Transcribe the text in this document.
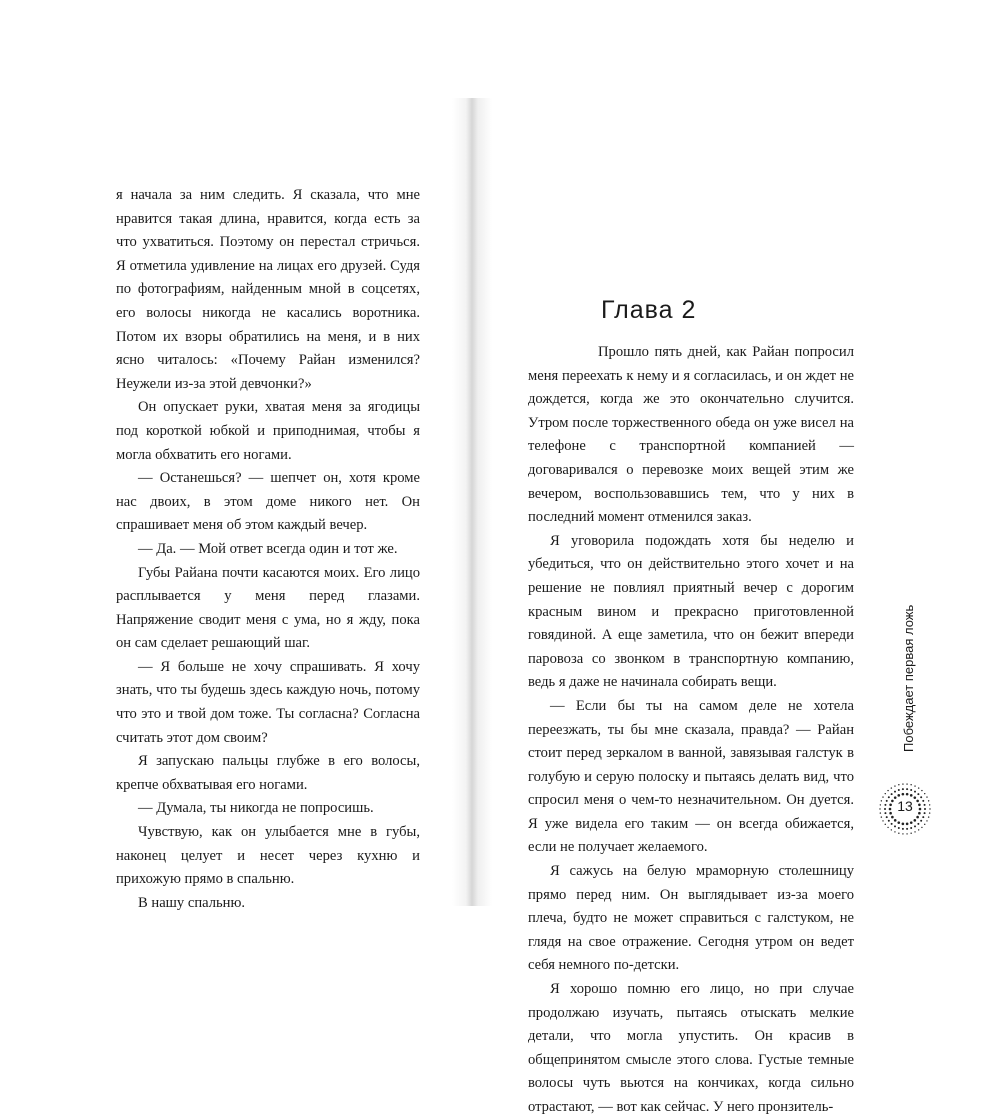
я начала за ним следить. Я сказала, что мне нравится такая длина, нравится, когда есть за что ухватиться. Поэтому он перестал стричься. Я отметила удивление на лицах его друзей. Судя по фотографиям, найденным мной в соцсетях, его волосы никогда не касались воротника. Потом их взоры обратились на меня, и в них ясно читалось: «Почему Райан изменился? Неужели из-за этой девчонки?»

Он опускает руки, хватая меня за ягодицы под короткой юбкой и приподнимая, чтобы я могла обхватить его ногами.

— Останешься? — шепчет он, хотя кроме нас двоих, в этом доме никого нет. Он спрашивает меня об этом каждый вечер.

— Да. — Мой ответ всегда один и тот же.

Губы Райана почти касаются моих. Его лицо расплывается у меня перед глазами. Напряжение сводит меня с ума, но я жду, пока он сам сделает решающий шаг.

— Я больше не хочу спрашивать. Я хочу знать, что ты будешь здесь каждую ночь, потому что это и твой дом тоже. Ты согласна? Согласна считать этот дом своим?

Я запускаю пальцы глубже в его волосы, крепче обхватывая его ногами.

— Думала, ты никогда не попросишь.

Чувствую, как он улыбается мне в губы, наконец целует и несет через кухню и прихожую прямо в спальню.

В нашу спальню.

Глава 2

Прошло пять дней, как Райан попросил меня переехать к нему и я согласилась, и он ждет не дождется, когда же это окончательно случится. Утром после торжественного обеда он уже висел на телефоне с транспортной компанией — договаривался о перевозке моих вещей этим же вечером, воспользовавшись тем, что у них в последний момент отменился заказ.

Я уговорила подождать хотя бы неделю и убедиться, что он действительно этого хочет и на решение не повлиял приятный вечер с дорогим красным вином и прекрасно приготовленной говядиной. А еще заметила, что он бежит впереди паровоза со звонком в транспортную компанию, ведь я даже не начинала собирать вещи.

— Если бы ты на самом деле не хотела переезжать, ты бы мне сказала, правда? — Райан стоит перед зеркалом в ванной, завязывая галстук в голубую и серую полоску и пытаясь делать вид, что спросил меня о чем-то незначительном. Он дуется. Я уже видела его таким — он всегда обижается, если не получает желаемого.

Я сажусь на белую мраморную столешницу прямо перед ним. Он выглядывает из-за моего плеча, будто не может справиться с галстуком, не глядя на свое отражение. Сегодня утром он ведет себя немного по-детски.

Я хорошо помню его лицо, но при случае продолжаю изучать, пытаясь отыскать мелкие детали, что могла упустить. Он красив в общепринятом смысле этого слова. Густые темные волосы чуть вьются на кончиках, когда сильно отрастают, — вот как сейчас. У него пронзитель-

Побеждает первая ложь
13
